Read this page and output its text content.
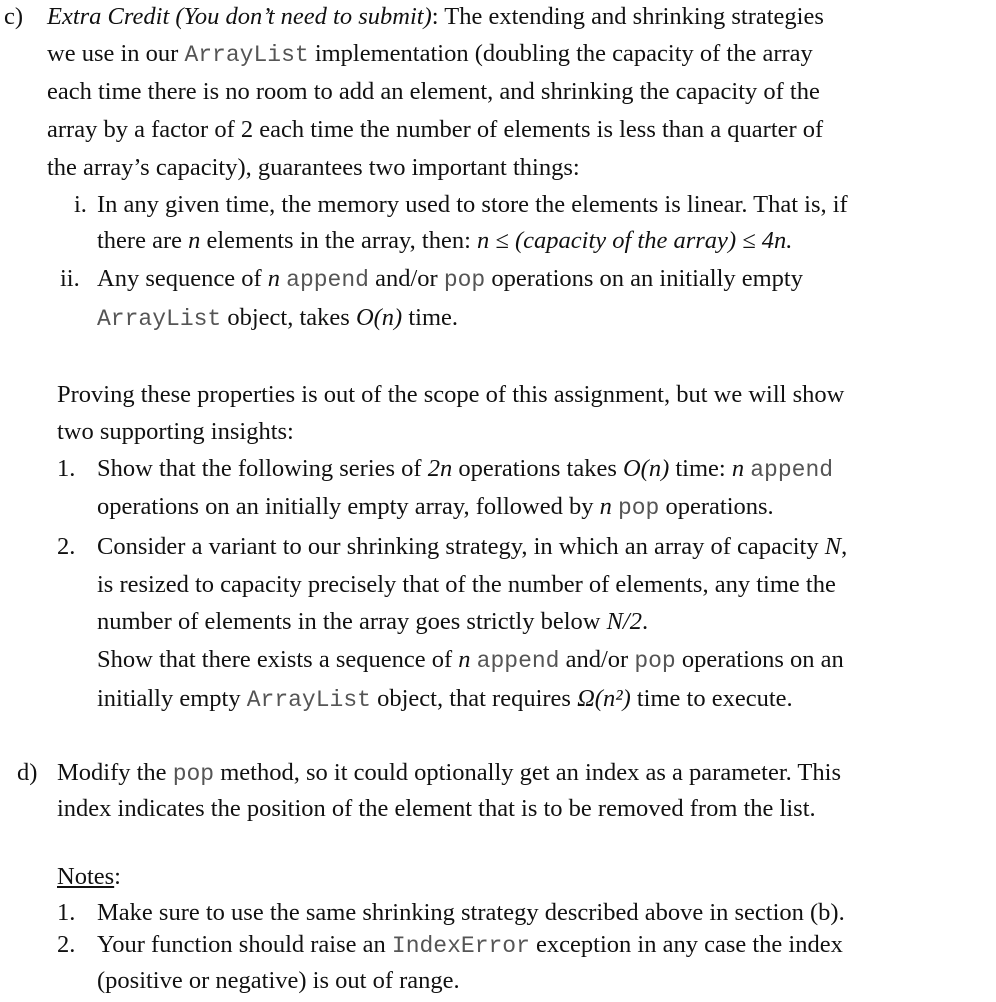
c) Extra Credit (You don’t need to submit): The extending and shrinking strategies
we use in our ArrayList implementation (doubling the capacity of the array
each time there is no room to add an element, and shrinking the capacity of the
array by a factor of 2 each time the number of elements is less than a quarter of
the array’s capacity), guarantees two important things:
i. In any given time, the memory used to store the elements is linear. That is, if
there are n elements in the array, then: n ≤ (capacity of the array) ≤ 4n.
ii. Any sequence of n append and/or pop operations on an initially empty
ArrayList object, takes O(n) time.
Proving these properties is out of the scope of this assignment, but we will show
two supporting insights:
1. Show that the following series of 2n operations takes O(n) time: n append
operations on an initially empty array, followed by n pop operations.
2. Consider a variant to our shrinking strategy, in which an array of capacity N,
is resized to capacity precisely that of the number of elements, any time the
number of elements in the array goes strictly below N/2.
Show that there exists a sequence of n append and/or pop operations on an
initially empty ArrayList object, that requires Ω(n²) time to execute.
d) Modify the pop method, so it could optionally get an index as a parameter. This
index indicates the position of the element that is to be removed from the list.
Notes:
1. Make sure to use the same shrinking strategy described above in section (b).
2. Your function should raise an IndexError exception in any case the index
(positive or negative) is out of range.
